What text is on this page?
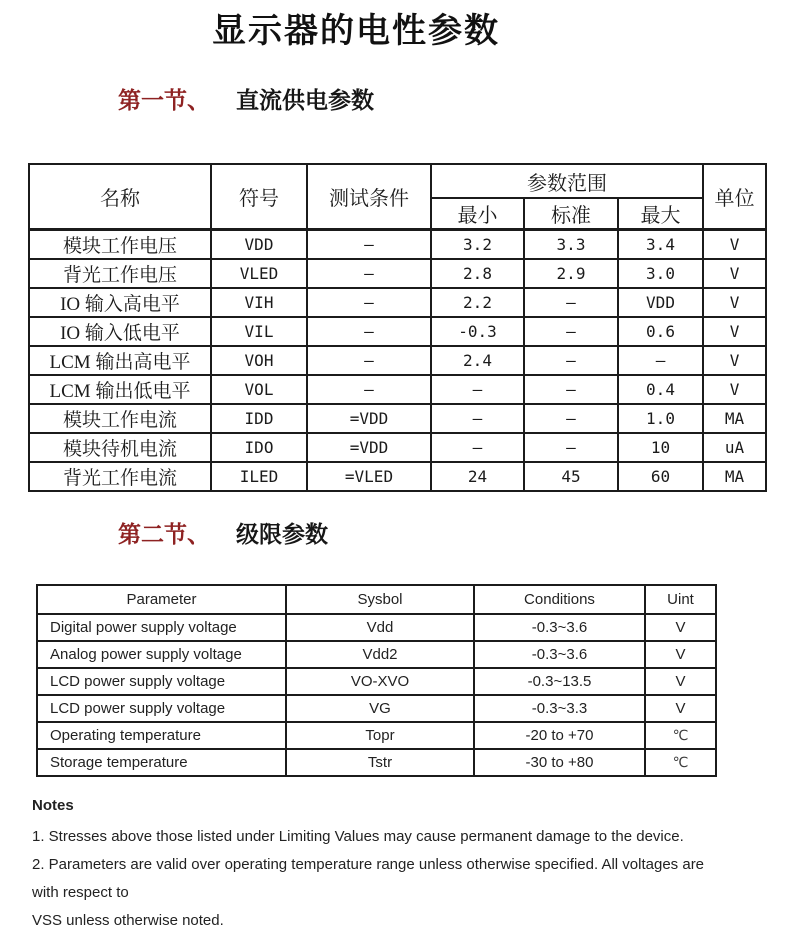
显示器的电性参数
第一节、 直流供电参数
名称	符号	测试条件	参数范围			单位
			最小	标准	最大	
模块工作电压	VDD	–	3.2	3.3	3.4	V
背光工作电压	VLED	–	2.8	2.9	3.0	V
IO 输入高电平	VIH	–	2.2	–	VDD	V
IO 输入低电平	VIL	–	-0.3	–	0.6	V
LCM 输出高电平	VOH	–	2.4	–	–	V
LCM 输出低电平	VOL	–	–	–	0.4	V
模块工作电流	IDD	=VDD	–	–	1.0	MA
模块待机电流	IDO	=VDD	–	–	10	uA
背光工作电流	ILED	=VLED	24	45	60	MA
第二节、 级限参数
Parameter	Sysbol	Conditions	Uint
Digital power supply voltage	Vdd	-0.3~3.6	V
Analog power supply voltage	Vdd2	-0.3~3.6	V
LCD power supply voltage	VO-XVO	-0.3~13.5	V
LCD power supply voltage	VG	-0.3~3.3	V
Operating temperature	Topr	-20 to +70	℃
Storage temperature	Tstr	-30 to +80	℃
Notes
1. Stresses above those listed under Limiting Values may cause permanent damage to the device.
2. Parameters are valid over operating temperature range unless otherwise specified. All voltages are
with respect to
VSS unless otherwise noted.
